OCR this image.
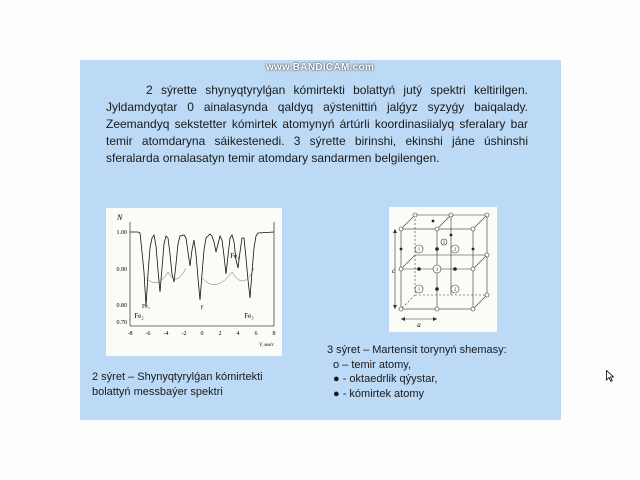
www.BANDICAM.com

2 sýrette shynyqtyrylǵan kómirtekti bolattyń jutý spektri keltirilgen. Jyldamdyqtar 0 ainalasynda qaldyq aýstenittiń jalǵyz syzyǵy baiqalady. Zeemandyq sekstetter kómirtek atomynyń ártúrli koordinasiialyq sferalary bar temir atomdaryna sáikestenedi. 3 sýrette birinshi, ekinshi jáne úshinshi sferalarda ornalasatyn temir atomdary sandarmen belgilengen.

N
1.00
0.90
0.80
0.70
Fe₁
Fe₂	Fe₃
Fe₁
γ
-8 -6 -4 -2 0	2	4	6	8
V, мм/с
1	2
3
1	2
3
c
a
2 sýret – Shynyqtyrylǵan kómirtekti
bolattyń messbaýer spektri
3 sýret – Martensit torynyń shemasy:
o – temir atomy,
● - oktaedrlik qýystar,
● - kómirtek atomy
